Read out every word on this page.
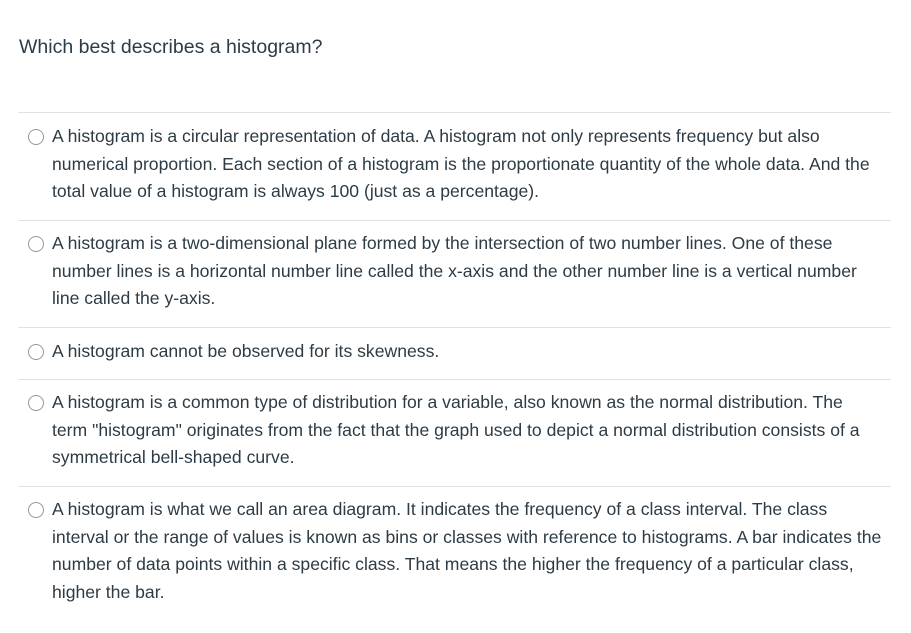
Which best describes a histogram?
A histogram is a circular representation of data. A histogram not only represents frequency but also numerical proportion. Each section of a histogram is the proportionate quantity of the whole data. And the total value of a histogram is always 100 (just as a percentage).
A histogram is a two-dimensional plane formed by the intersection of two number lines. One of these number lines is a horizontal number line called the x-axis and the other number line is a vertical number line called the y-axis.
A histogram cannot be observed for its skewness.
A histogram is a common type of distribution for a variable, also known as the normal distribution. The term "histogram" originates from the fact that the graph used to depict a normal distribution consists of a symmetrical bell-shaped curve.
A histogram is what we call an area diagram. It indicates the frequency of a class interval. The class interval or the range of values is known as bins or classes with reference to histograms. A bar indicates the number of data points within a specific class. That means the higher the frequency of a particular class, higher the bar.
